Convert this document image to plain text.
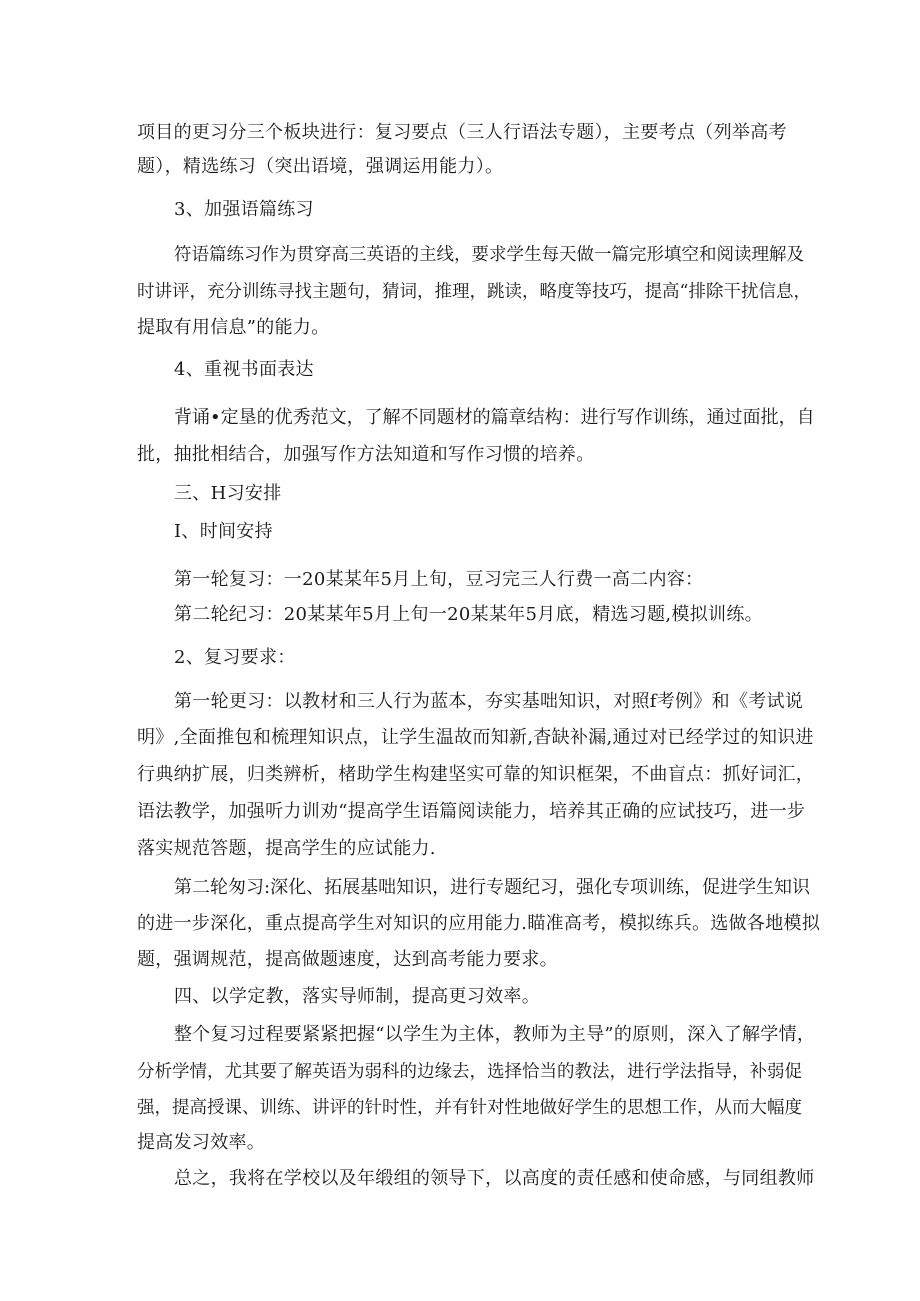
项目的更习分三个板块进行：复习要点（三人行语法专题），主要考点（列举高考
题），精选练习（突出语境，强调运用能力）。
3、加强语篇练习
符语篇练习作为贯穿高三英语的主线，要求学生每天做一篇完形填空和阅读理解及
时讲评，充分训练寻找主题句，猜词，推理，跳读，略度等技巧，提高“排除干扰信息，
提取有用信息”的能力。
4、重视书面表达
背诵•定垦的优秀范文，了解不同题材的篇章结构：进行写作训练，通过面批，自
批，抽批相结合，加强写作方法知道和写作习惯的培养。
三、H习安排
I、时间安持
第一轮复习：一20某某年5月上旬，豆习完三人行费一高二内容：
第二轮纪习：20某某年5月上旬一20某某年5月底，精选习题,模拟训练。
2、复习要求：
第一轮更习：以教材和三人行为蓝本，夯实基咄知识，对照f考例》和《考试说
明》,全面推包和梳理知识点，让学生温故而知新,杳缺补漏,通过对已经学过的知识进
行典纳扩展，归类辨析，楮助学生构建坚实可靠的知识框架，不曲盲点：抓好词汇，
语法教学，加强听力训劝“提高学生语篇阅读能力，培养其正确的应试技巧，进一步
落实规范答题，提高学生的应试能力.
第二轮匆习:深化、拓展基咄知识，进行专题纪习，强化专项训练，促进学生知识
的进一步深化，重点提高学生对知识的应用能力.瞄准高考，模拟练兵。选做各地模拟
题，强调规范，提高做题速度，达到高考能力要求。
四、以学定教，落实导师制，提高更习效率。
整个复习过程要紧紧把握“以学生为主体，教师为主导”的原则，深入了解学情，
分析学情，尤其要了解英语为弱科的边缘去，选择恰当的教法，进行学法指导，补弱促
强，提高授课、训练、讲评的针时性，并有针对性地做好学生的思想工作，从而大幅度
提高发习效率。
总之，我将在学校以及年缎组的领导下，以高度的责任感和使命感，与同组教师
